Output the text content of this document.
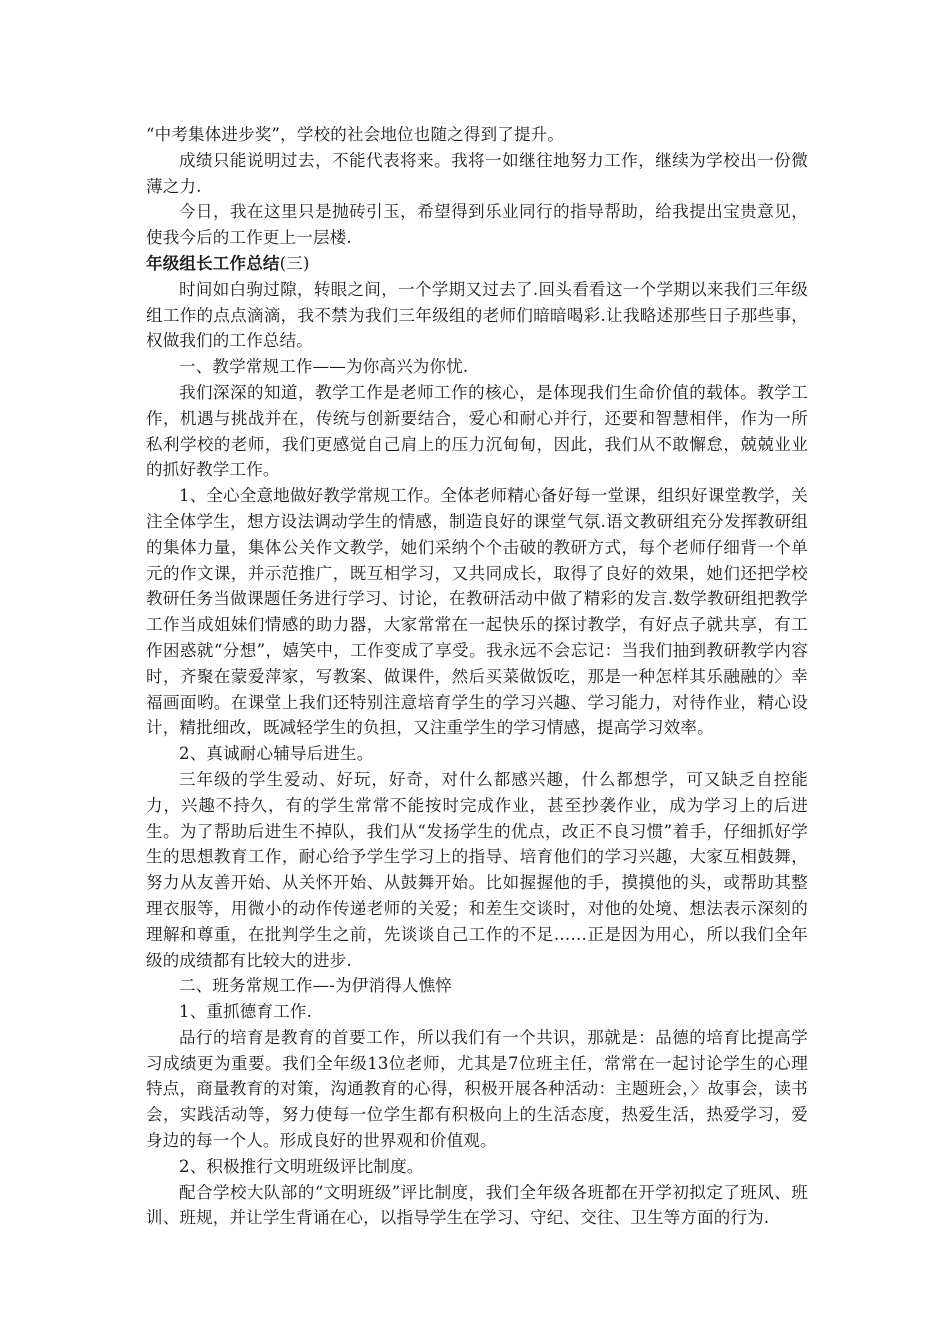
“中考集体进步奖”，学校的社会地位也随之得到了提升。

成绩只能说明过去，不能代表将来。我将一如继往地努力工作，继续为学校出一份微薄之力.

今日，我在这里只是抛砖引玉，希望得到乐业同行的指导帮助，给我提出宝贵意见，使我今后的工作更上一层楼.

年级组长工作总结(三)

时间如白驹过隙，转眼之间，一个学期又过去了.回头看看这一个学期以来我们三年级组工作的点点滴滴，我不禁为我们三年级组的老师们暗暗喝彩.让我略述那些日子那些事，权做我们的工作总结。

一、教学常规工作——为你高兴为你忧.

我们深深的知道，教学工作是老师工作的核心，是体现我们生命价值的载体。教学工作，机遇与挑战并在，传统与创新要结合，爱心和耐心并行，还要和智慧相伴，作为一所私利学校的老师，我们更感觉自己肩上的压力沉甸甸，因此，我们从不敢懈怠，兢兢业业的抓好教学工作。

1、全心全意地做好教学常规工作。全体老师精心备好每一堂课，组织好课堂教学，关注全体学生，想方设法调动学生的情感，制造良好的课堂气氛.语文教研组充分发挥教研组的集体力量，集体公关作文教学，她们采纳个个击破的教研方式，每个老师仔细背一个单元的作文课，并示范推广，既互相学习，又共同成长，取得了良好的效果，她们还把学校教研任务当做课题任务进行学习、讨论，在教研活动中做了精彩的发言.数学教研组把教学工作当成姐妹们情感的助力器，大家常常在一起快乐的探讨教学，有好点子就共享，有工作困惑就“分想”，嬉笑中，工作变成了享受。我永远不会忘记：当我们抽到教研教学内容时，齐聚在蒙爱萍家，写教案、做课件，然后买菜做饭吃，那是一种怎样其乐融融的〉幸福画面哟。在课堂上我们还特别注意培育学生的学习兴趣、学习能力，对待作业，精心设计，精批细改，既减轻学生的负担，又注重学生的学习情感，提高学习效率。

2、真诚耐心辅导后进生。

三年级的学生爱动、好玩，好奇，对什么都感兴趣，什么都想学，可又缺乏自控能力，兴趣不持久，有的学生常常不能按时完成作业，甚至抄袭作业，成为学习上的后进生。为了帮助后进生不掉队，我们从“发扬学生的优点，改正不良习惯”着手，仔细抓好学生的思想教育工作，耐心给予学生学习上的指导、培育他们的学习兴趣，大家互相鼓舞，努力从友善开始、从关怀开始、从鼓舞开始。比如握握他的手，摸摸他的头，或帮助其整理衣服等，用微小的动作传递老师的关爱；和差生交谈时，对他的处境、想法表示深刻的理解和尊重，在批判学生之前，先谈谈自己工作的不足……正是因为用心，所以我们全年级的成绩都有比较大的进步.

二、班务常规工作—-为伊消得人憔悴

1、重抓德育工作.

品行的培育是教育的首要工作，所以我们有一个共识，那就是：品德的培育比提高学习成绩更为重要。我们全年级13位老师，尤其是7位班主任，常常在一起讨论学生的心理特点，商量教育的对策，沟通教育的心得，积极开展各种活动：主题班会，〉故事会，读书会，实践活动等，努力使每一位学生都有积极向上的生活态度，热爱生活，热爱学习，爱身边的每一个人。形成良好的世界观和价值观。

2、积极推行文明班级评比制度。

配合学校大队部的“文明班级”评比制度，我们全年级各班都在开学初拟定了班风、班训、班规，并让学生背诵在心，以指导学生在学习、守纪、交往、卫生等方面的行为.
